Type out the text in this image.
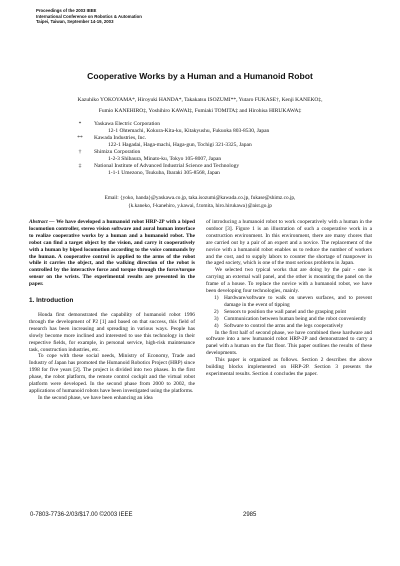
Proceedings of the 2003 IEEE
International Conference on Robotics & Automation
Taipei, Taiwan, September 14-19, 2003
Cooperative Works by a Human and a Humanoid Robot
Kazuhiko YOKOYAMA*, Hiroyuki HANDA*, Takakatsu ISOZUMI**, Yutaro FUKASE†, Kenji KANEKO‡,
Fumio KANEHIRO‡, Yoshihiro KAWAI‡, Fumiaki TOMITA‡ and Hirohisa HIRUKAWA‡
*	Yaskawa Electric Corporation
12-1 Ohtemachi, Kokura-Kita-ku, Kitakyushu, Fukuoka 803-8530, Japan
**	Kawada Industries, Inc.
122-1 Hagadai, Haga-machi, Haga-gun, Tochigi 321-3325, Japan
†	Shimizu Corporation
1-2-3 Shibaura, Minato-ku, Tokyo 105-8007, Japan
‡	National Institute of Advanced Industrial Science and Technology
1-1-1 Umezono, Tsukuba, Ibaraki 305-8568, Japan
Email: {yoko, handa}@yaskawa.co.jp, taka.isozumi@kawada.co.jp, fukase@shimz.co.jp,
{k.kaneko, f-kanehiro, y.kawai, f.tomita, hiro.hirukawa}@aist.go.jp
Abstract — We have developed a humanoid robot HRP-2P with a biped locomotion controller, stereo vision software and aural human interface to realize cooperative works by a human and a humanoid robot. The robot can find a target object by the vision, and carry it cooperatively with a human by biped locomotion according to the voice commands by the human. A cooperative control is applied to the arms of the robot while it carries the object, and the walking direction of the robot is controlled by the interactive force and torque through the force/torque sensor on the wrists. The experimental results are presented in the paper.
1. Introduction

Honda first demonstrated the capability of humanoid robot 1996 through the development of P2 [1] and based on that success, this field of research has been increasing and spreading in various ways. People has slowly become more inclined and interested to use this technology in their respective fields, for example, in personal service, high-risk maintenance task, construction industries, etc.

To cope with these social needs, Ministry of Economy, Trade and Industry of Japan has promoted the Humanoid Robotics Project (HRP) since 1998 for five years [2]. The project is divided into two phases. In the first phase, the robot platform, the remote control cockpit and the virtual robot platform were developed. In the second phase from 2000 to 2002, the applications of humanoid robots have been investigated using the platforms.

In the second phase, we have been enhancing an idea

of introducing a humanoid robot to work cooperatively with a human in the outdoor [3]. Figure 1 is an illustration of such a cooperative work in a construction environment. In this environment, there are many chores that are carried out by a pair of an expert and a novice. The replacement of the novice with a humanoid robot enables us to reduce the number of workers and the cost, and to supply labors to counter the shortage of manpower in the aged society, which is one of the most serious problems in Japan.

We selected two typical works that are doing by the pair - one is carrying an external wall panel, and the other is mounting the panel on the frame of a house. To replace the novice with a humanoid robot, we have been developing four technologies, mainly.

1)	Hardware/software to walk on uneven surfaces, and to prevent damage in the event of tipping
2)	Sensors to position the wall panel and the grasping point
3)	Communication between human being and the robot conveniently
4)	Software to control the arms and the legs cooperatively

In the first half of second phase, we have combined these hardware and software into a new humanoid robot HRP-2P and demonstrated to carry a panel with a human on the flat floor. This paper outlines the results of these developments.

This paper is organized as follows. Section 2 describes the above building blocks implemented on HRP-2P. Section 3 presents the experimental results. Section 4 concludes the paper.

0-7803-7736-2/03/$17.00 ©2003 IEEE	2985
